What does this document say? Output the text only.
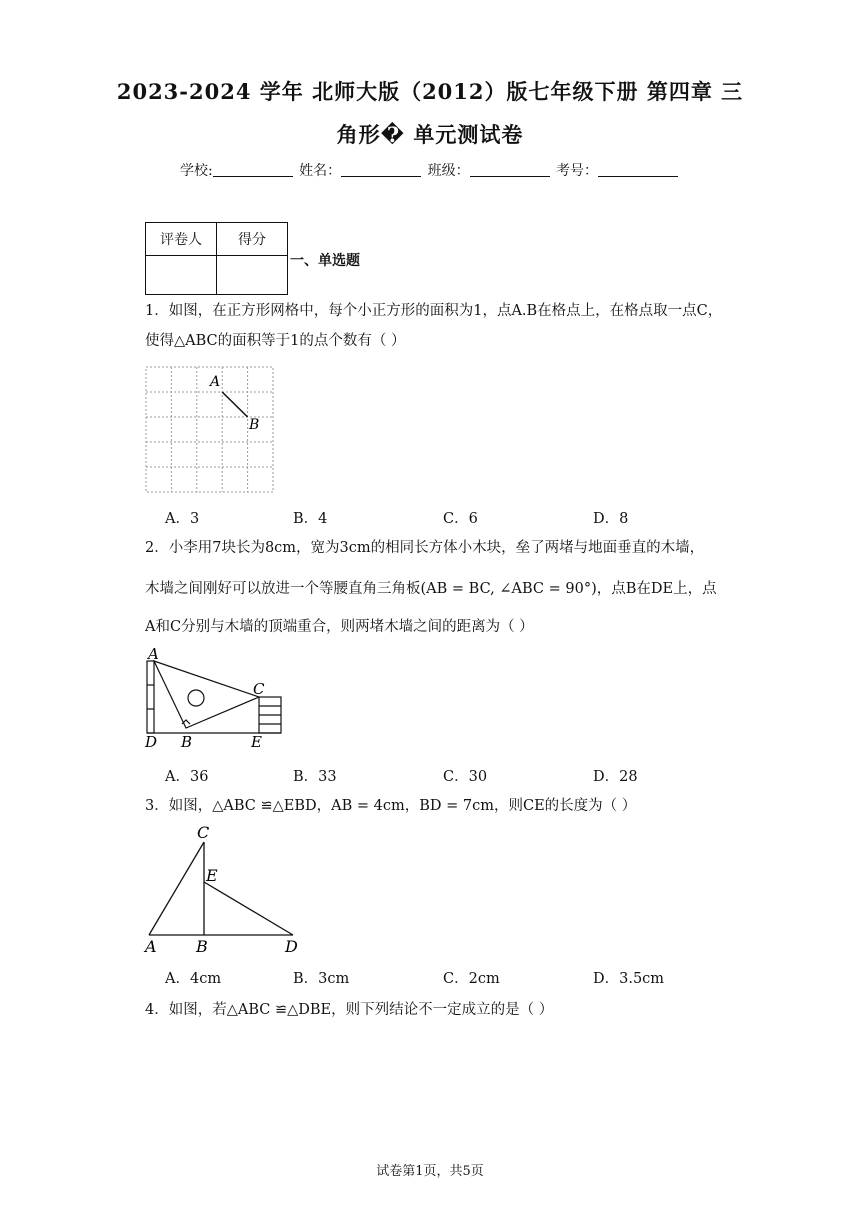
2023-2024 学年 北师大版（2012）版七年级下册 第四章 三
角形� 单元测试卷
学校:	姓名：	班级：	考号：
评卷人	得分

一、单选题
1．如图，在正方形网格中，每个小正方形的面积为1，点A.B在格点上，在格点取一点C，使得△ABC的面积等于1的点个数有（ ）
A
B
A．3	B．4	C．6	D．8
2．小李用7块长为8cm，宽为3cm的相同长方体小木块，垒了两堵与地面垂直的木墙，
木墙之间刚好可以放进一个等腰直角三角板(AB = BC, ∠ABC = 90°)，点B在DE上，点
A和C分别与木墙的顶端重合，则两堵木墙之间的距离为（ ）
A
C
D B	E
A．36	B．33	C．30	D．28
3．如图，△ABC ≌△EBD，AB = 4cm，BD = 7cm，则CE的长度为（ ）
C
E
A B	D
A．4cm	B．3cm	C．2cm	D．3.5cm
4．如图，若△ABC ≌△DBE，则下列结论不一定成立的是（ ）
试卷第1页，共5页
